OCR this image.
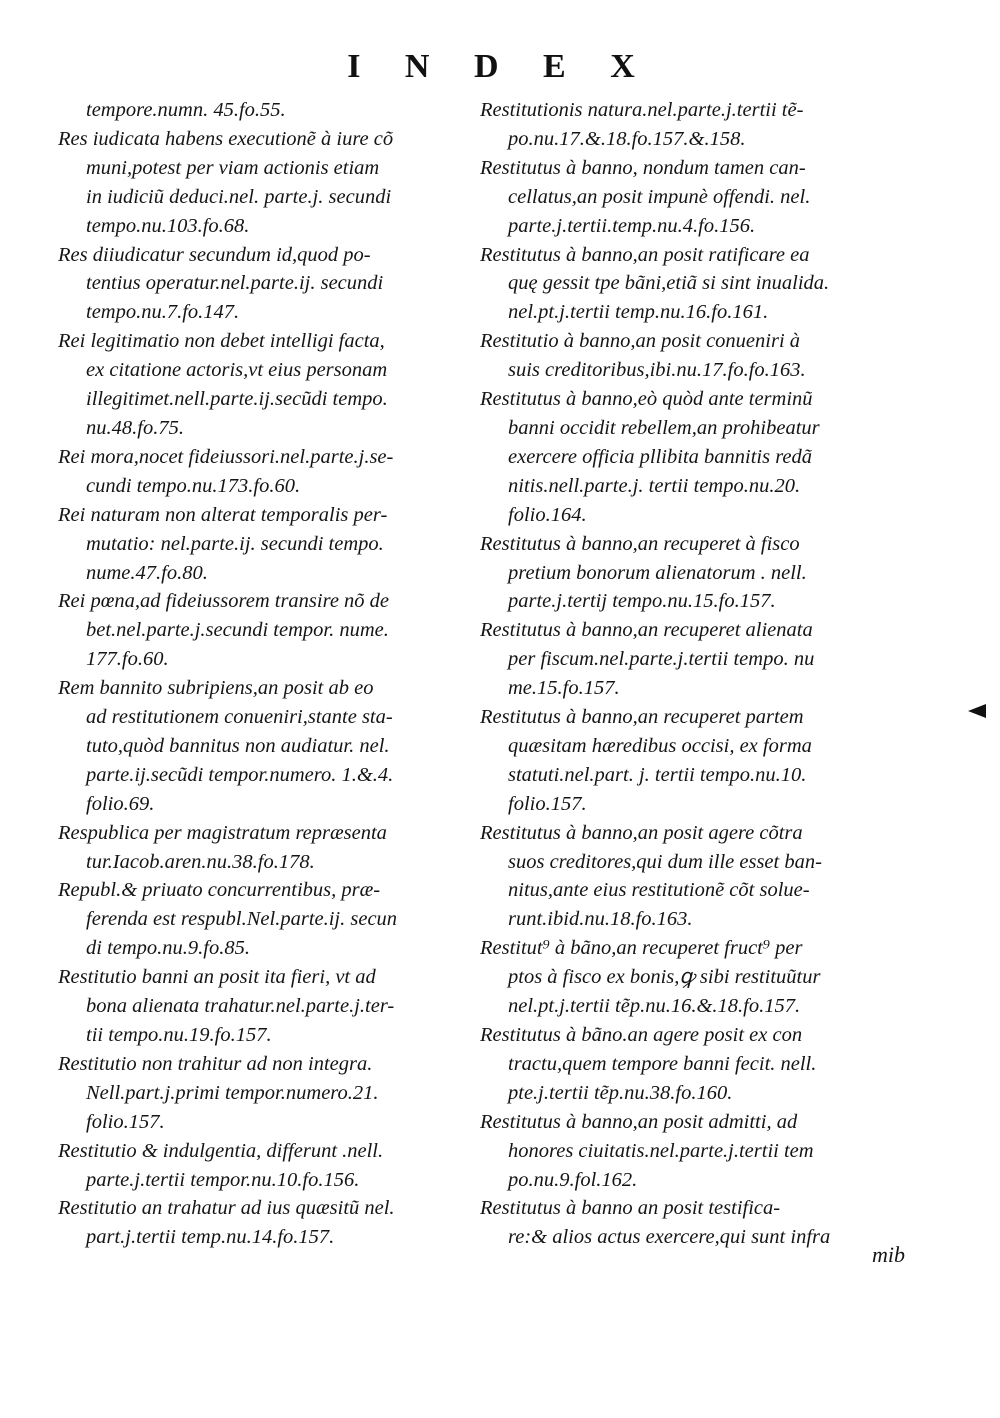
I N D E X
tempore.numn. 45.fo.55.
Res iudicata habens executionẽ à iure cõ
muni,potest per viam actionis etiam
in iudiciũ deduci.nel. parte.j. secundi
tempo.nu.103.fo.68.
Res diiudicatur secundum id,quod po-
tentius operatur.nel.parte.ij. secundi
tempo.nu.7.fo.147.
Rei legitimatio non debet intelligi facta,
ex citatione actoris,vt eius personam
illegitimet.nell.parte.ij.secũdi tempo.
nu.48.fo.75.
Rei mora,nocet fideiussori.nel.parte.j.se-
cundi tempo.nu.173.fo.60.
Rei naturam non alterat temporalis per-
mutatio: nel.parte.ij. secundi tempo.
nume.47.fo.80.
Rei pœna,ad fideiussorem transire nõ de
bet.nel.parte.j.secundi tempor. nume.
177.fo.60.
Rem bannito subripiens,an posit ab eo
ad restitutionem conueniri,stante sta-
tuto,quòd bannitus non audiatur. nel.
parte.ij.secũdi tempor.numero. 1.&.4.
folio.69.
Respublica per magistratum repræsenta
tur.Iacob.aren.nu.38.fo.178.
Republ.& priuato concurrentibus, præ-
ferenda est respubl.Nel.parte.ij. secun
di tempo.nu.9.fo.85.
Restitutio banni an posit ita fieri, vt ad
bona alienata trahatur.nel.parte.j.ter-
tii tempo.nu.19.fo.157.
Restitutio non trahitur ad non integra.
Nell.part.j.primi tempor.numero.21.
folio.157.
Restitutio & indulgentia, differunt .nell.
parte.j.tertii tempor.nu.10.fo.156.
Restitutio an trahatur ad ius quæsitũ nel.
part.j.tertii temp.nu.14.fo.157.
Restitutionis natura.nel.parte.j.tertii tẽ-
po.nu.17.&.18.fo.157.&.158.
Restitutus à banno, nondum tamen can-
cellatus,an posit impunè offendi. nel.
parte.j.tertii.temp.nu.4.fo.156.
Restitutus à banno,an posit ratificare ea
quę gessit tpe bãni,etiã si sint inualida.
nel.pt.j.tertii temp.nu.16.fo.161.
Restitutio à banno,an posit conueniri à
suis creditoribus,ibi.nu.17.fo.fo.163.
Restitutus à banno,eò quòd ante terminũ
banni occidit rebellem,an prohibeatur
exercere officia pllibita bannitis redã
nitis.nell.parte.j. tertii tempo.nu.20.
folio.164.
Restitutus à banno,an recuperet à fisco
pretium bonorum alienatorum . nell.
parte.j.tertij tempo.nu.15.fo.157.
Restitutus à banno,an recuperet alienata
per fiscum.nel.parte.j.tertii tempo. nu
me.15.fo.157.
Restitutus à banno,an recuperet partem
quæsitam hæredibus occisi, ex forma
statuti.nel.part. j. tertii tempo.nu.10.
folio.157.
Restitutus à banno,an posit agere cõtra
suos creditores,qui dum ille esset ban-
nitus,ante eius restitutionẽ cõt solue-
runt.ibid.nu.18.fo.163.
Restitut⁹ à bãno,an recuperet fruct⁹ per
ptos à fisco ex bonis,ꝙ sibi restituũtur
nel.pt.j.tertii tẽp.nu.16.&.18.fo.157.
Restitutus à bãno.an agere posit ex con
tractu,quem tempore banni fecit. nell.
pte.j.tertii tẽp.nu.38.fo.160.
Restitutus à banno,an posit admitti, ad
honores ciuitatis.nel.parte.j.tertii tem
po.nu.9.fol.162.
Restitutus à banno an posit testifica-
re:& alios actus exercere,qui sunt infra
mib
